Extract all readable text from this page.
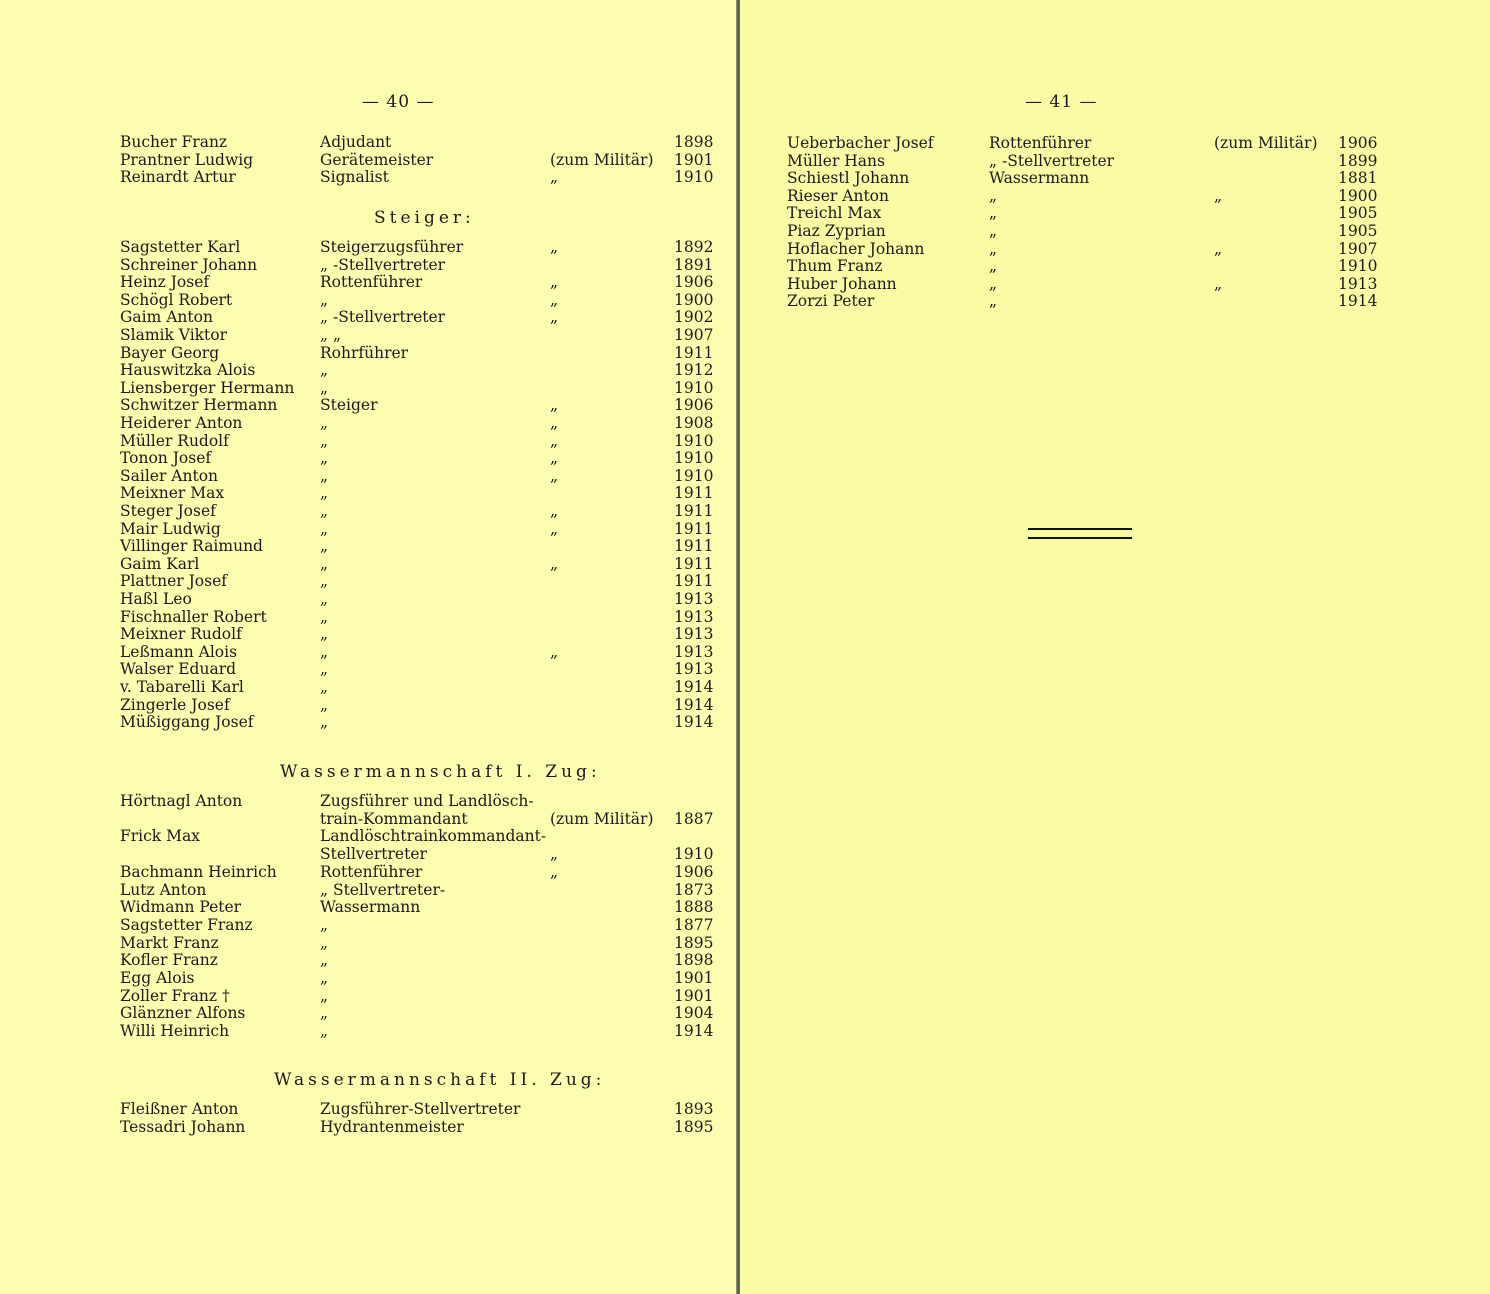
— 40 —
Bucher Franz	Adjudant	1898
Prantner Ludwig	Gerätemeister	(zum Militär) 1901
Reinardt Artur	Signalist	„	1910
Steiger:
Sagstetter Karl	Steigerzugsführer	„	1892
Schreiner Johann	„ -Stellvertreter	1891
Heinz Josef	Rottenführer	„	1906
Schögl Robert	„	„	1900
Gaim Anton	„ -Stellvertreter	„	1902
Slamik Viktor	„ „	1907
Bayer Georg	Rohrführer	1911
Hauswitzka Alois	„	1912
Liensberger Hermann „	1910
Schwitzer Hermann	Steiger	„	1906
Heiderer Anton	„	„	1908
Müller Rudolf	„	„	1910
Tonon Josef	„	„	1910
Sailer Anton	„	„	1910
Meixner Max	„	1911
Steger Josef	„	„	1911
Mair Ludwig	„	„	1911
Villinger Raimund	„	1911
Gaim Karl	„	„	1911
Plattner Josef	„	1911
Haßl Leo	„	1913
Fischnaller Robert	„	1913
Meixner Rudolf	„	1913
Leßmann Alois	„	„	1913
Walser Eduard	„	1913
v. Tabarelli Karl	„	1914
Zingerle Josef	„	1914
Müßiggang Josef	„	1914
Wassermannschaft I. Zug:
Hörtnagl Anton	Zugsführer und Landlösch-
train-Kommandant	(zum Militär) 1887
Frick Max	Landlöschtrainkommandant-
Stellvertreter	„	1910
Bachmann Heinrich	Rottenführer	„	1906
Lutz Anton	„ Stellvertreter-	1873
Widmann Peter	Wassermann	1888
Sagstetter Franz	„	1877
Markt Franz	„	1895
Kofler Franz	„	1898
Egg Alois	„	1901
Zoller Franz †	„	1901
Glänzner Alfons	„	1904
Willi Heinrich	„	1914
Wassermannschaft II. Zug:
Fleißner Anton	Zugsführer-Stellvertreter	1893
Tessadri Johann	Hydrantenmeister	1895
— 41 —
Ueberbacher Josef	Rottenführer	(zum Militär) 1906
Müller Hans	„ -Stellvertreter	1899
Schiestl Johann	Wassermann	1881
Rieser Anton	„	„	1900
Treichl Max	„	1905
Piaz Zyprian	„	1905
Hoflacher Johann	„	„	1907
Thum Franz	„	1910
Huber Johann	„	„	1913
Zorzi Peter	„	1914
